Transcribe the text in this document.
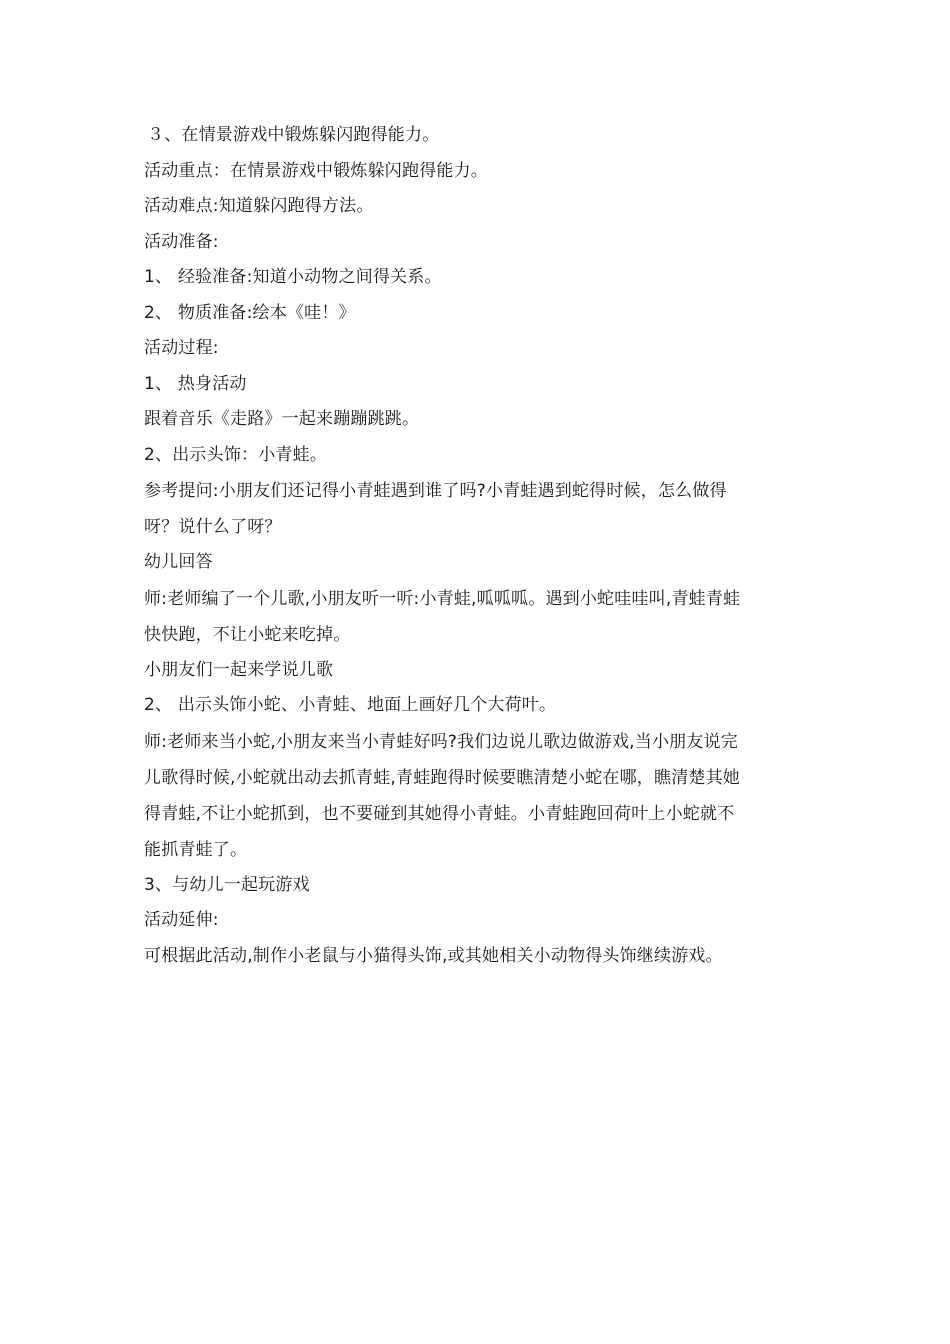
３、在情景游戏中锻炼躲闪跑得能力。
活动重点：在情景游戏中锻炼躲闪跑得能力。
活动难点:知道躲闪跑得方法。
活动准备:
1、 经验准备:知道小动物之间得关系。
2、 物质准备:绘本《哇！》
活动过程:
1、 热身活动
跟着音乐《走路》一起来蹦蹦跳跳。
2、出示头饰：小青蛙。
参考提问:小朋友们还记得小青蛙遇到谁了吗?小青蛙遇到蛇得时候，怎么做得
呀？说什么了呀？
幼儿回答
师:老师编了一个儿歌,小朋友听一听:小青蛙,呱呱呱。遇到小蛇哇哇叫,青蛙青蛙
快快跑，不让小蛇来吃掉。
小朋友们一起来学说儿歌
2、 出示头饰小蛇、小青蛙、地面上画好几个大荷叶。
师:老师来当小蛇,小朋友来当小青蛙好吗?我们边说儿歌边做游戏,当小朋友说完
儿歌得时候,小蛇就出动去抓青蛙,青蛙跑得时候要瞧清楚小蛇在哪，瞧清楚其她
得青蛙,不让小蛇抓到，也不要碰到其她得小青蛙。小青蛙跑回荷叶上小蛇就不
能抓青蛙了。
3、与幼儿一起玩游戏
活动延伸:
可根据此活动,制作小老鼠与小猫得头饰,或其她相关小动物得头饰继续游戏。
